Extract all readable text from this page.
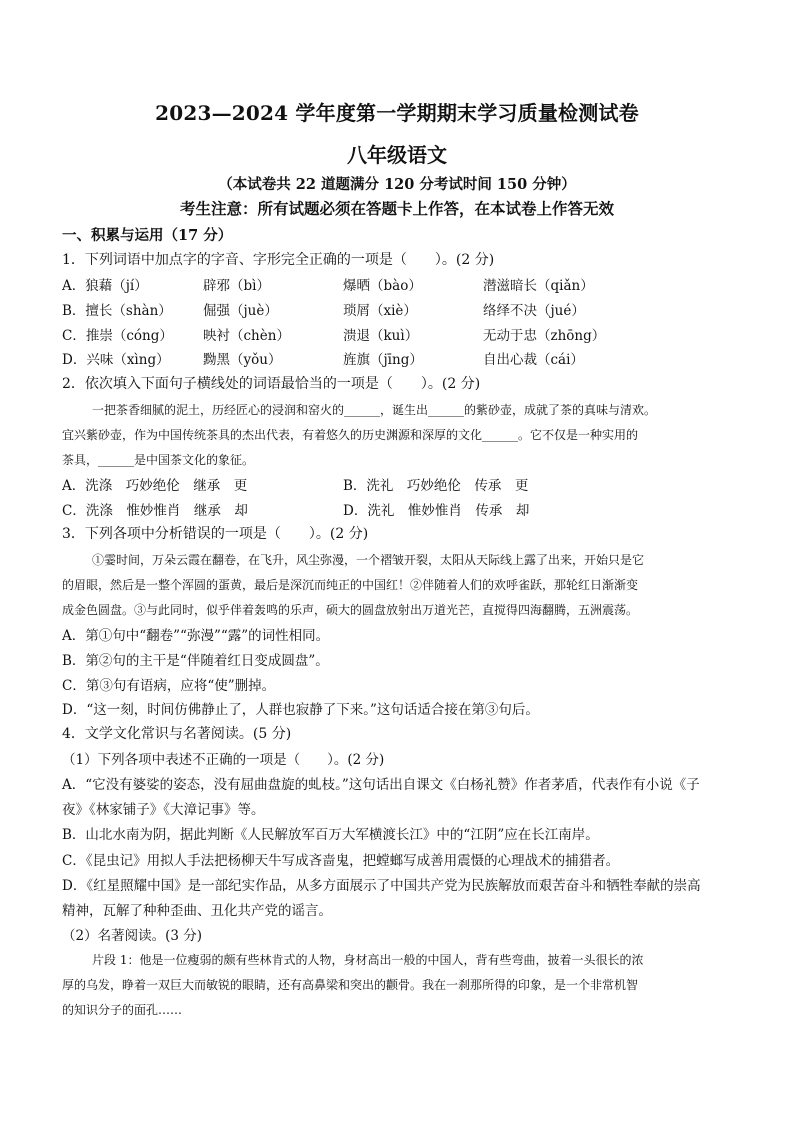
2023—2024 学年度第一学期期末学习质量检测试卷
八年级语文
（本试卷共 22 道题满分 120 分考试时间 150 分钟）
考生注意：所有试题必须在答题卡上作答，在本试卷上作答无效
一、积累与运用（17 分）
1．下列词语中加点字的字音、字形完全正确的一项是（　　）。(2 分)
A．狼藉（jí）	辟邪（bì）	爆晒（bào）	潜滋暗长（qiǎn）
B．擅长（shàn） 倔强（juè）	琐屑（xiè）	络绎不决（jué）
C．推崇（cóng） 映衬（chèn）	溃退（kuì）	无动于忠（zhōng）
D．兴味（xìng） 黝黑（yǒu）	旌旗（jīng）	自出心裁（cái）
2．依次填入下面句子横线处的词语最恰当的一项是（　　）。(2 分)
一把茶香细腻的泥土，历经匠心的浸润和窑火的______，诞生出______的紫砂壶，成就了茶的真味与清欢。
宜兴紫砂壶，作为中国传统茶具的杰出代表，有着悠久的历史渊源和深厚的文化______。它不仅是一种实用的
茶具，______是中国茶文化的象征。
A．洗涤　巧妙绝伦　继承　更	B．洗礼　巧妙绝伦　传承　更
C．洗涤　惟妙惟肖　继承　却	D．洗礼　惟妙惟肖　传承　却
3．下列各项中分析错误的一项是（　　）。(2 分)
①霎时间，万朵云霞在翻卷，在飞升，风尘弥漫，一个褶皱开裂，太阳从天际线上露了出来，开始只是它
的眉眼，然后是一整个浑圆的蛋黄，最后是深沉而纯正的中国红！②伴随着人们的欢呼雀跃，那轮红日渐渐变
成金色圆盘。③与此同时，似乎伴着轰鸣的乐声，硕大的圆盘放射出万道光芒，直搅得四海翻腾，五洲震荡。
A．第①句中“翻卷”“弥漫”“露”的词性相同。
B．第②句的主干是“伴随着红日变成圆盘”。
C．第③句有语病，应将“使”删掉。
D．“这一刻，时间仿佛静止了，人群也寂静了下来。”这句话适合接在第③句后。
4．文学文化常识与名著阅读。(5 分)
（1）下列各项中表述不正确的一项是（　　）。(2 分)
A．“它没有婆娑的姿态，没有屈曲盘旋的虬枝。”这句话出自课文《白杨礼赞》作者茅盾，代表作有小说《子
夜》《林家铺子》《大漳记事》等。
B．山北水南为阴，据此判断《人民解放军百万大军横渡长江》中的“江阴”应在长江南岸。
C．《昆虫记》用拟人手法把杨柳天牛写成吝啬鬼，把螳螂写成善用震慑的心理战术的捕猎者。
D．《红星照耀中国》是一部纪实作品，从多方面展示了中国共产党为民族解放而艰苦奋斗和牺牲奉献的崇高
精神，瓦解了种种歪曲、丑化共产党的谣言。
（2）名著阅读。(3 分)
片段 1：他是一位瘦弱的颇有些林肯式的人物，身材高出一般的中国人，背有些弯曲，披着一头很长的浓
厚的乌发，睁着一双巨大而敏锐的眼睛，还有高鼻梁和突出的颧骨。我在一刹那所得的印象，是一个非常机智
的知识分子的面孔……
